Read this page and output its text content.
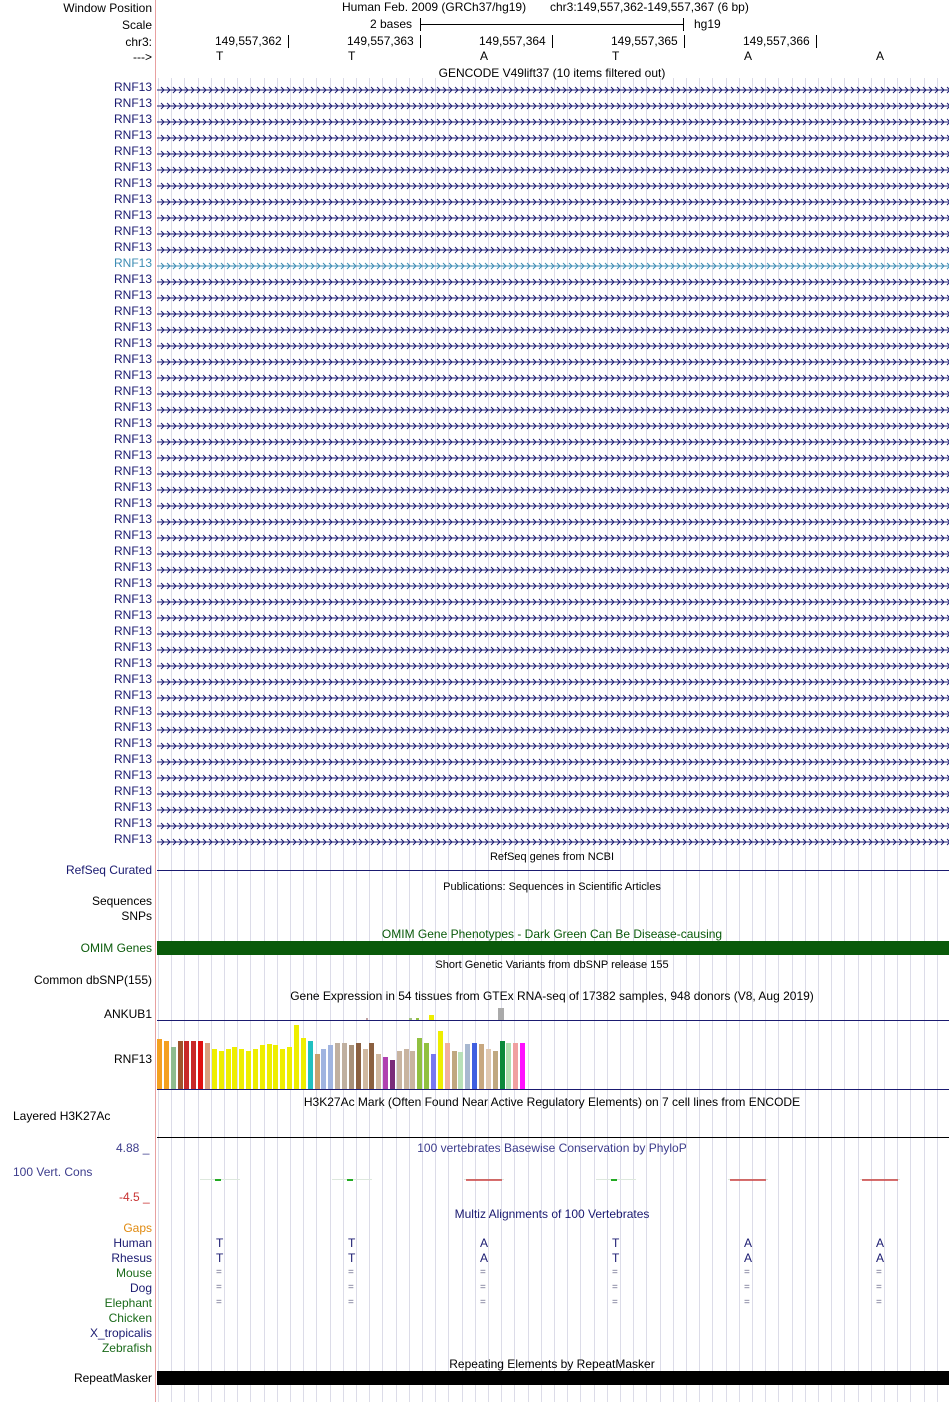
Window Position
Scale
chr3:
--->
Human Feb. 2009 (GRCh37/hg19) chr3:149,557,362-149,557,367 (6 bp)
2 bases	hg19
149,557,362	149,557,363	149,557,364	149,557,365	149,557,366
T	T	A	T	A	A
GENCODE V49lift37 (10 items filtered out)
RNF13
RNF13
RNF13
RNF13
RNF13
RNF13
RNF13
RNF13
RNF13
RNF13
RNF13
RNF13
RNF13
RNF13
RNF13
RNF13
RNF13
RNF13
RNF13
RNF13
RNF13
RNF13
RNF13
RNF13
RNF13
RNF13
RNF13
RNF13
RNF13
RNF13
RNF13
RNF13
RNF13
RNF13
RNF13
RNF13
RNF13
RNF13
RNF13
RNF13
RNF13
RNF13
RNF13
RNF13
RNF13
RNF13
RNF13
RNF13
RefSeq genes from NCBI
RefSeq Curated
Publications: Sequences in Scientific Articles
Sequences
SNPs
OMIM Gene Phenotypes - Dark Green Can Be Disease-causing
OMIM Genes
Short Genetic Variants from dbSNP release 155
Common dbSNP(155)
Gene Expression in 54 tissues from GTEx RNA-seq of 17382 samples, 948 donors (V8, Aug 2019)
ANKUB1
RNF13
H3K27Ac Mark (Often Found Near Active Regulatory Elements) on 7 cell lines from ENCODE
Layered H3K27Ac
100 vertebrates Basewise Conservation by PhyloP
4.88 _
100 Vert. Cons
-4.5 _
Multiz Alignments of 100 Vertebrates
Gaps
Human	T	T	A	T	A	A
Rhesus	T	T	A	T	A	A
Mouse	=	=	=	=	=	=
Dog	=	=	=	=	=	=
Elephant	=	=	=	=	=	=
Chicken
X_tropicalis
Zebrafish
Repeating Elements by RepeatMasker
RepeatMasker
